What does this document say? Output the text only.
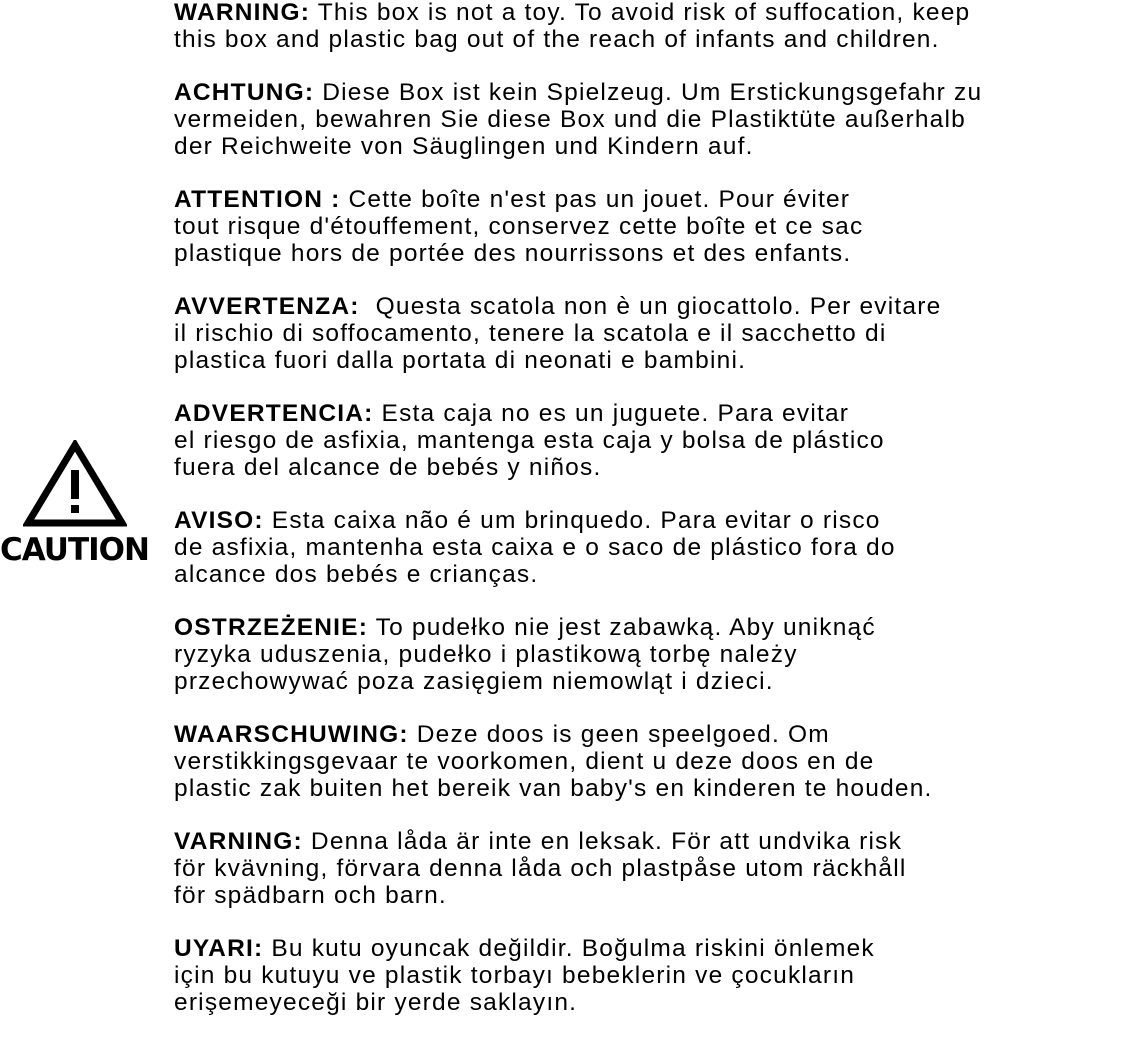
CAUTION

WARNING: This box is not a toy. To avoid risk of suffocation, keep
this box and plastic bag out of the reach of infants and children.

ACHTUNG: Diese Box ist kein Spielzeug. Um Erstickungsgefahr zu
vermeiden, bewahren Sie diese Box und die Plastiktüte außerhalb
der Reichweite von Säuglingen und Kindern auf.

ATTENTION : Cette boîte n'est pas un jouet. Pour éviter
tout risque d'étouffement, conservez cette boîte et ce sac
plastique hors de portée des nourrissons et des enfants.

AVVERTENZA:  Questa scatola non è un giocattolo. Per evitare
il rischio di soffocamento, tenere la scatola e il sacchetto di
plastica fuori dalla portata di neonati e bambini.

ADVERTENCIA: Esta caja no es un juguete. Para evitar
el riesgo de asfixia, mantenga esta caja y bolsa de plástico
fuera del alcance de bebés y niños.

AVISO: Esta caixa não é um brinquedo. Para evitar o risco
de asfixia, mantenha esta caixa e o saco de plástico fora do
alcance dos bebés e crianças.

OSTRZEŻENIE: To pudełko nie jest zabawką. Aby uniknąć
ryzyka uduszenia, pudełko i plastikową torbę należy
przechowywać poza zasięgiem niemowląt i dzieci.

WAARSCHUWING: Deze doos is geen speelgoed. Om
verstikkingsgevaar te voorkomen, dient u deze doos en de
plastic zak buiten het bereik van baby's en kinderen te houden.

VARNING: Denna låda är inte en leksak. För att undvika risk
för kvävning, förvara denna låda och plastpåse utom räckhåll
för spädbarn och barn.

UYARI: Bu kutu oyuncak değildir. Boğulma riskini önlemek
için bu kutuyu ve plastik torbayı bebeklerin ve çocukların
erişemeyeceği bir yerde saklayın.
